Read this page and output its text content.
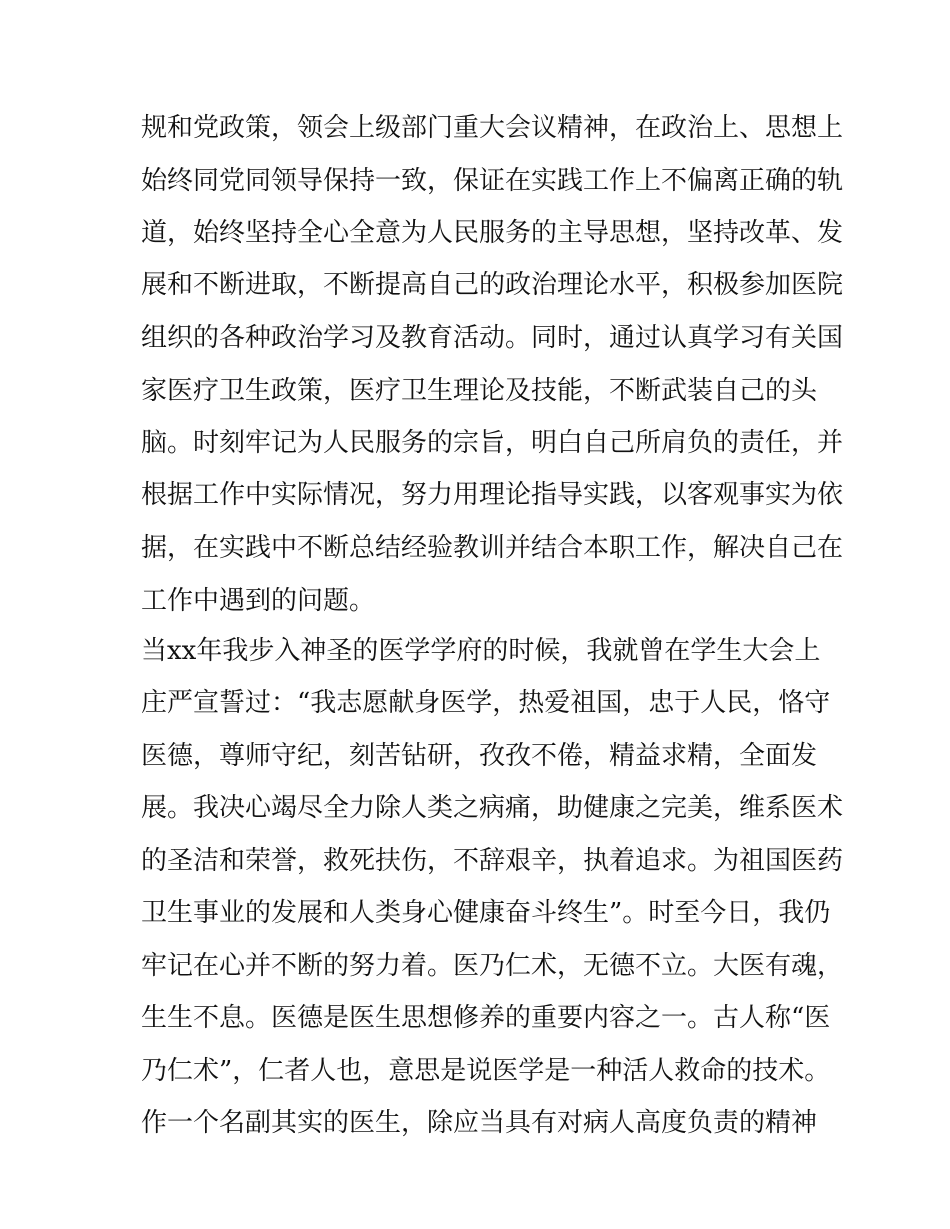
规和党政策，领会上级部门重大会议精神，在政治上、思想上
始终同党同领导保持一致，保证在实践工作上不偏离正确的轨
道，始终坚持全心全意为人民服务的主导思想，坚持改革、发
展和不断进取，不断提高自己的政治理论水平，积极参加医院
组织的各种政治学习及教育活动。同时，通过认真学习有关国
家医疗卫生政策，医疗卫生理论及技能，不断武装自己的头
脑。时刻牢记为人民服务的宗旨，明白自己所肩负的责任，并
根据工作中实际情况，努力用理论指导实践，以客观事实为依
据，在实践中不断总结经验教训并结合本职工作，解决自己在
工作中遇到的问题。
当xx年我步入神圣的医学学府的时候，我就曾在学生大会上
庄严宣誓过：“我志愿献身医学，热爱祖国，忠于人民，恪守
医德，尊师守纪，刻苦钻研，孜孜不倦，精益求精，全面发
展。我决心竭尽全力除人类之病痛，助健康之完美，维系医术
的圣洁和荣誉，救死扶伤，不辞艰辛，执着追求。为祖国医药
卫生事业的发展和人类身心健康奋斗终生”。时至今日，我仍
牢记在心并不断的努力着。医乃仁术，无德不立。大医有魂，
生生不息。医德是医生思想修养的重要内容之一。古人称“医
乃仁术”，仁者人也，意思是说医学是一种活人救命的技术。
作一个名副其实的医生，除应当具有对病人高度负责的精神
